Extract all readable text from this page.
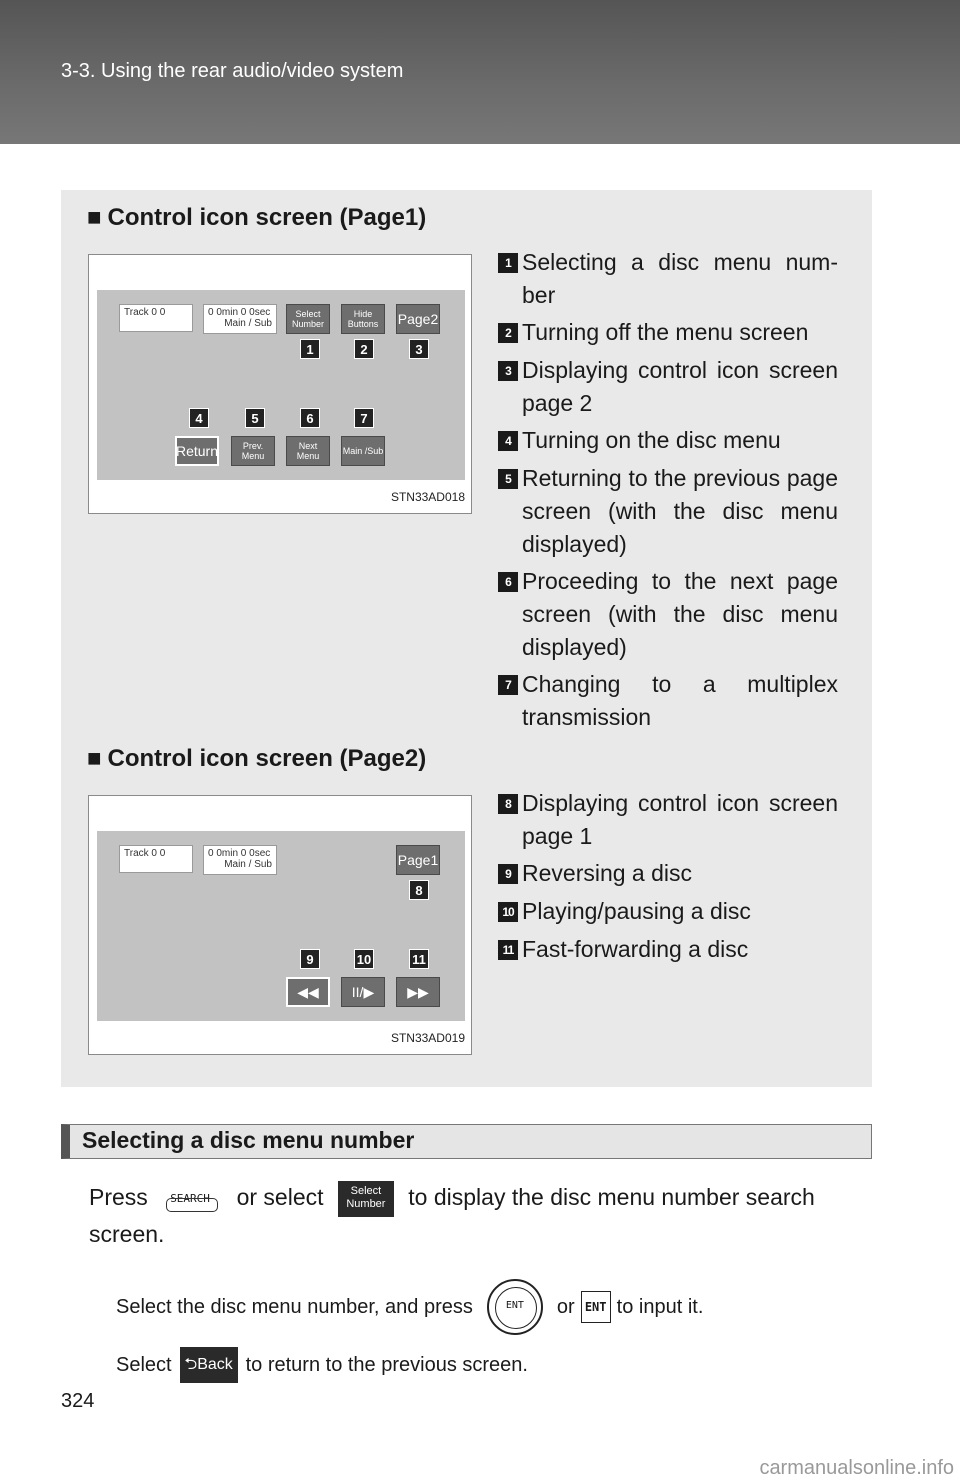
3-3. Using the rear audio/video system
■ Control icon screen (Page1)
Track 0 0	0 0min 0 0sec
Main / Sub
Select Number
Hide Buttons	Page2
1	2	3
4	5	6	7
Return	Prev. Menu
Next Menu	Main /Sub
STN33AD018
1 Selecting a disc menu num-ber
2 Turning off the menu screen
3 Displaying control icon screen page 2
4 Turning on the disc menu
5 Returning to the previous page screen (with the disc menu displayed)
6 Proceeding to the next page screen (with the disc menu displayed)
7 Changing to a multiplex transmission
■ Control icon screen (Page2)
Track 0 0	0 0min 0 0sec
Main / Sub	Page1
8
9	10	11
◀◀	II/▶	▶▶
STN33AD019
8 Displaying control icon screen page 1
9 Reversing a disc
10 Playing/pausing a disc
11 Fast-forwarding a disc
Selecting a disc menu number
Press SEARCH or select Select Number to display the disc menu number search screen.
Select the disc menu number, and press	ENT	or ENT to input it.
Select ⮌Back to return to the previous screen.
324
carmanualsonline.info
